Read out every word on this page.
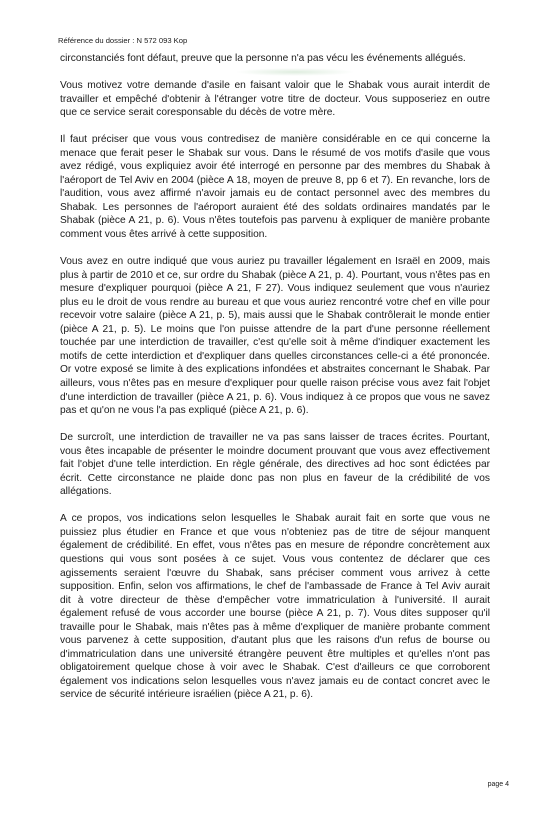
Référence du dossier : N 572 093 Kop

circonstanciés font défaut, preuve que la personne n'a pas vécu les événements allégués.

Vous motivez votre demande d'asile en faisant valoir que le Shabak vous aurait interdit de travailler et empêché d'obtenir à l'étranger votre titre de docteur. Vous supposeriez en outre que ce service serait coresponsable du décès de votre mère.

Il faut préciser que vous vous contredisez de manière considérable en ce qui concerne la menace que ferait peser le Shabak sur vous. Dans le résumé de vos motifs d'asile que vous avez rédigé, vous expliquiez avoir été interrogé en personne par des membres du Shabak à l'aéroport de Tel Aviv en 2004 (pièce A 18, moyen de preuve 8, pp 6 et 7). En revanche, lors de l'audition, vous avez affirmé n'avoir jamais eu de contact personnel avec des membres du Shabak. Les personnes de l'aéroport auraient été des soldats ordinaires mandatés par le Shabak (pièce A 21, p. 6). Vous n'êtes toutefois pas parvenu à expliquer de manière probante comment vous êtes arrivé à cette supposition.

Vous avez en outre indiqué que vous auriez pu travailler légalement en Israël en 2009, mais plus à partir de 2010 et ce, sur ordre du Shabak (pièce A 21, p. 4). Pourtant, vous n'êtes pas en mesure d'expliquer pourquoi (pièce A 21, F 27). Vous indiquez seulement que vous n'auriez plus eu le droit de vous rendre au bureau et que vous auriez rencontré votre chef en ville pour recevoir votre salaire (pièce A 21, p. 5), mais aussi que le Shabak contrôlerait le monde entier (pièce A 21, p. 5). Le moins que l'on puisse attendre de la part d'une personne réellement touchée par une interdiction de travailler, c'est qu'elle soit à même d'indiquer exactement les motifs de cette interdiction et d'expliquer dans quelles circonstances celle-ci a été prononcée. Or votre exposé se limite à des explications infondées et abstraites concernant le Shabak. Par ailleurs, vous n'êtes pas en mesure d'expliquer pour quelle raison précise vous avez fait l'objet d'une interdiction de travailler (pièce A 21, p. 6). Vous indiquez à ce propos que vous ne savez pas et qu'on ne vous l'a pas expliqué (pièce A 21, p. 6).

De surcroît, une interdiction de travailler ne va pas sans laisser de traces écrites. Pourtant, vous êtes incapable de présenter le moindre document prouvant que vous avez effectivement fait l'objet d'une telle interdiction. En règle générale, des directives ad hoc sont édictées par écrit. Cette circonstance ne plaide donc pas non plus en faveur de la crédibilité de vos allégations.

A ce propos, vos indications selon lesquelles le Shabak aurait fait en sorte que vous ne puissiez plus étudier en France et que vous n'obteniez pas de titre de séjour manquent également de crédibilité. En effet, vous n'êtes pas en mesure de répondre concrètement aux questions qui vous sont posées à ce sujet. Vous vous contentez de déclarer que ces agissements seraient l'œuvre du Shabak, sans préciser comment vous arrivez à cette supposition. Enfin, selon vos affirmations, le chef de l'ambassade de France à Tel Aviv aurait dit à votre directeur de thèse d'empêcher votre immatriculation à l'université. Il aurait également refusé de vous accorder une bourse (pièce A 21, p. 7). Vous dites supposer qu'il travaille pour le Shabak, mais n'êtes pas à même d'expliquer de manière probante comment vous parvenez à cette supposition, d'autant plus que les raisons d'un refus de bourse ou d'immatriculation dans une université étrangère peuvent être multiples et qu'elles n'ont pas obligatoirement quelque chose à voir avec le Shabak. C'est d'ailleurs ce que corroborent également vos indications selon lesquelles vous n'avez jamais eu de contact concret avec le service de sécurité intérieure israélien (pièce A 21, p. 6).

page 4
